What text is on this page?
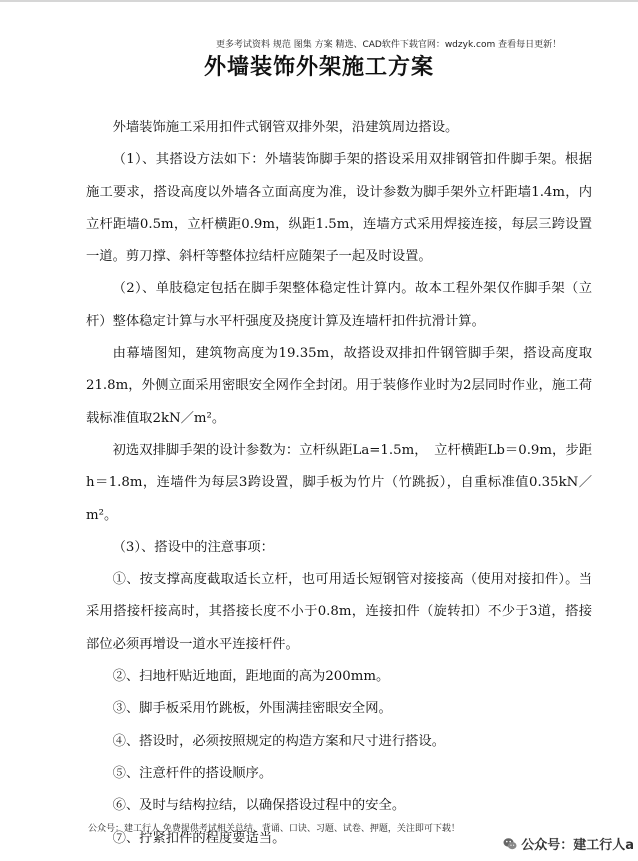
更多考试资料 规范 图集 方案 精选、CAD软件下载官网：wdzyk.com 查看每日更新！
外墙装饰外架施工方案

外墙装饰施工采用扣件式钢管双排外架，沿建筑周边搭设。

（1）、其搭设方法如下：外墙装饰脚手架的搭设采用双排钢管扣件脚手架。根据施工要求，搭设高度以外墙各立面高度为准，设计参数为脚手架外立杆距墙1.4m，内立杆距墙0.5m，立杆横距0.9m，纵距1.5m，连墙方式采用焊接连接，每层三跨设置一道。剪刀撑、斜杆等整体拉结杆应随架子一起及时设置。

（2）、单肢稳定包括在脚手架整体稳定性计算内。故本工程外架仅作脚手架（立杆）整体稳定计算与水平杆强度及挠度计算及连墙杆扣件抗滑计算。

由幕墙图知，建筑物高度为19.35m，故搭设双排扣件钢管脚手架，搭设高度取21.8m，外侧立面采用密眼安全网作全封闭。用于装修作业时为2层同时作业，施工荷载标准值取2kN／m²。

初选双排脚手架的设计参数为：立杆纵距La=1.5m，　立杆横距Lb＝0.9m，步距h＝1.8m，连墙件为每层3跨设置，脚手板为竹片（竹跳扳），自重标准值0.35kN／m²。

（3）、搭设中的注意事项：

①、按支撑高度截取适长立杆，也可用适长短钢管对接接高（使用对接扣件）。当采用搭接杆接高时，其搭接长度不小于0.8m，连接扣件（旋转扣）不少于3道，搭接部位必须再增设一道水平连接杆件。

②、扫地杆贴近地面，距地面的高为200mm。

③、脚手板采用竹跳板，外围满挂密眼安全网。

④、搭设时，必须按照规定的构造方案和尺寸进行搭设。

⑤、注意杆件的搭设顺序。

⑥、及时与结构拉结，以确保搭设过程中的安全。

⑦、拧紧扣件的程度要适当。

公众号：建工行人 免费提供考试相关总结、背诵、口诀、习题、试卷、押题，关注即可下载！
公众号：建工行人a
